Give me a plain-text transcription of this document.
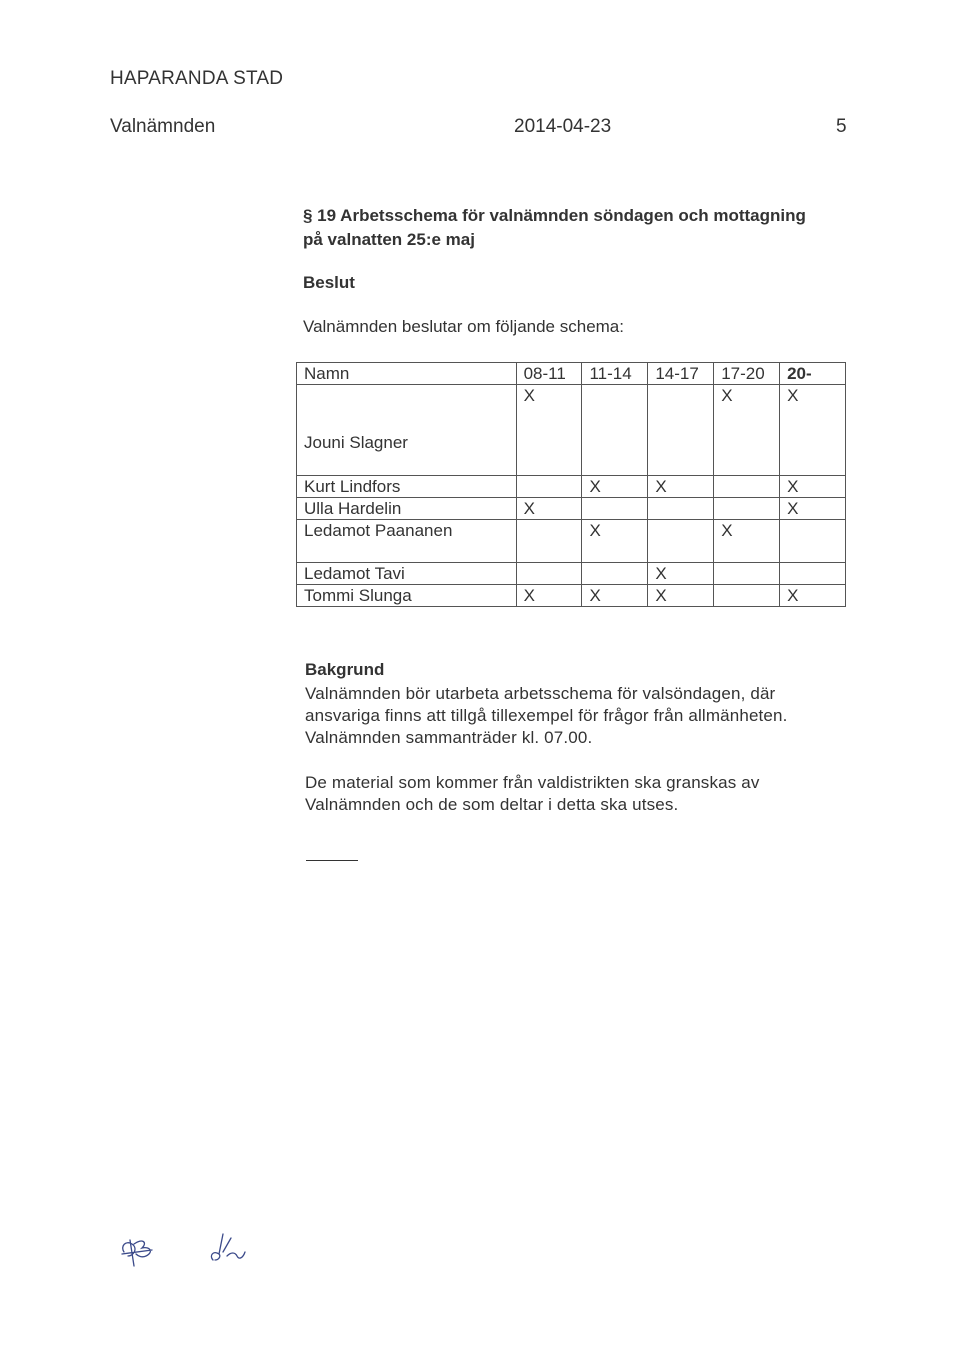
HAPARANDA STAD
Valnämnden	2014-04-23	5
§ 19 Arbetsschema för valnämnden söndagen och mottagning på valnatten 25:e maj
Beslut
Valnämnden beslutar om följande schema:
Namn	08-11	11-14	14-17	17-20	20-
Jouni Slagner	X			X	X
Kurt Lindfors		X	X		X
Ulla Hardelin	X				X
Ledamot Paananen		X		X	
Ledamot Tavi			X		
Tommi Slunga	X	X	X		X
Bakgrund
Valnämnden bör utarbeta arbetsschema för valsöndagen, där ansvariga finns att tillgå tillexempel för frågor från allmänheten. Valnämnden sammanträder kl. 07.00.
De material som kommer från valdistrikten ska granskas av Valnämnden och de som deltar i detta ska utses.
